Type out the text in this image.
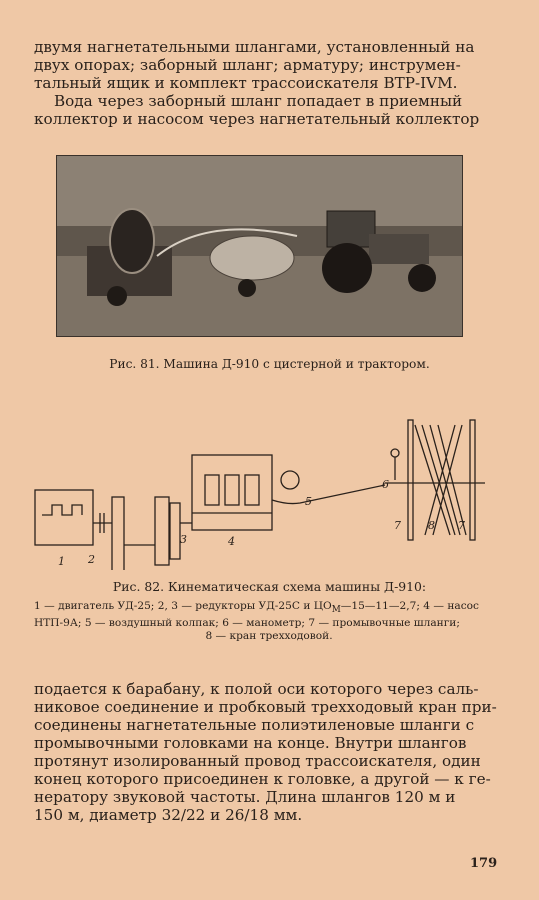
двумя нагнетательными шлангами, установленный на

двух опорах; заборный шланг; арматуру; инструмен-

тальный ящик и комплект трассоискателя ВТР-IVM.

Вода через заборный шланг попадает в приемный

коллектор и насосом через нагнетательный коллектор

Рис. 81. Машина Д-910 с цистерной и трактором.
1 2
3	4
5
6
7 8 7
Рис. 82. Кинематическая схема машины Д-910:
1 — двигатель УД-25; 2, 3 — редукторы УД-25С и $ЦО_М—15—11—2,7$; 4 — насос
НТП-9А; 5 — воздушный колпак; 6 — манометр; 7 — промывочные шланги;
8 — кран трехходовой.

подается к барабану, к полой оси которого через саль-

никовое соединение и пробковый трехходовый кран при-

соединены нагнетательные полиэтиленовые шланги с

промывочными головками на конце. Внутри шлангов

протянут изолированный провод трассоискателя, один

конец которого присоединен к головке, а другой — к ге-

нератору звуковой частоты. Длина шлангов 120 м и

150 м, диаметр 32/22 и 26/18 мм.

179
